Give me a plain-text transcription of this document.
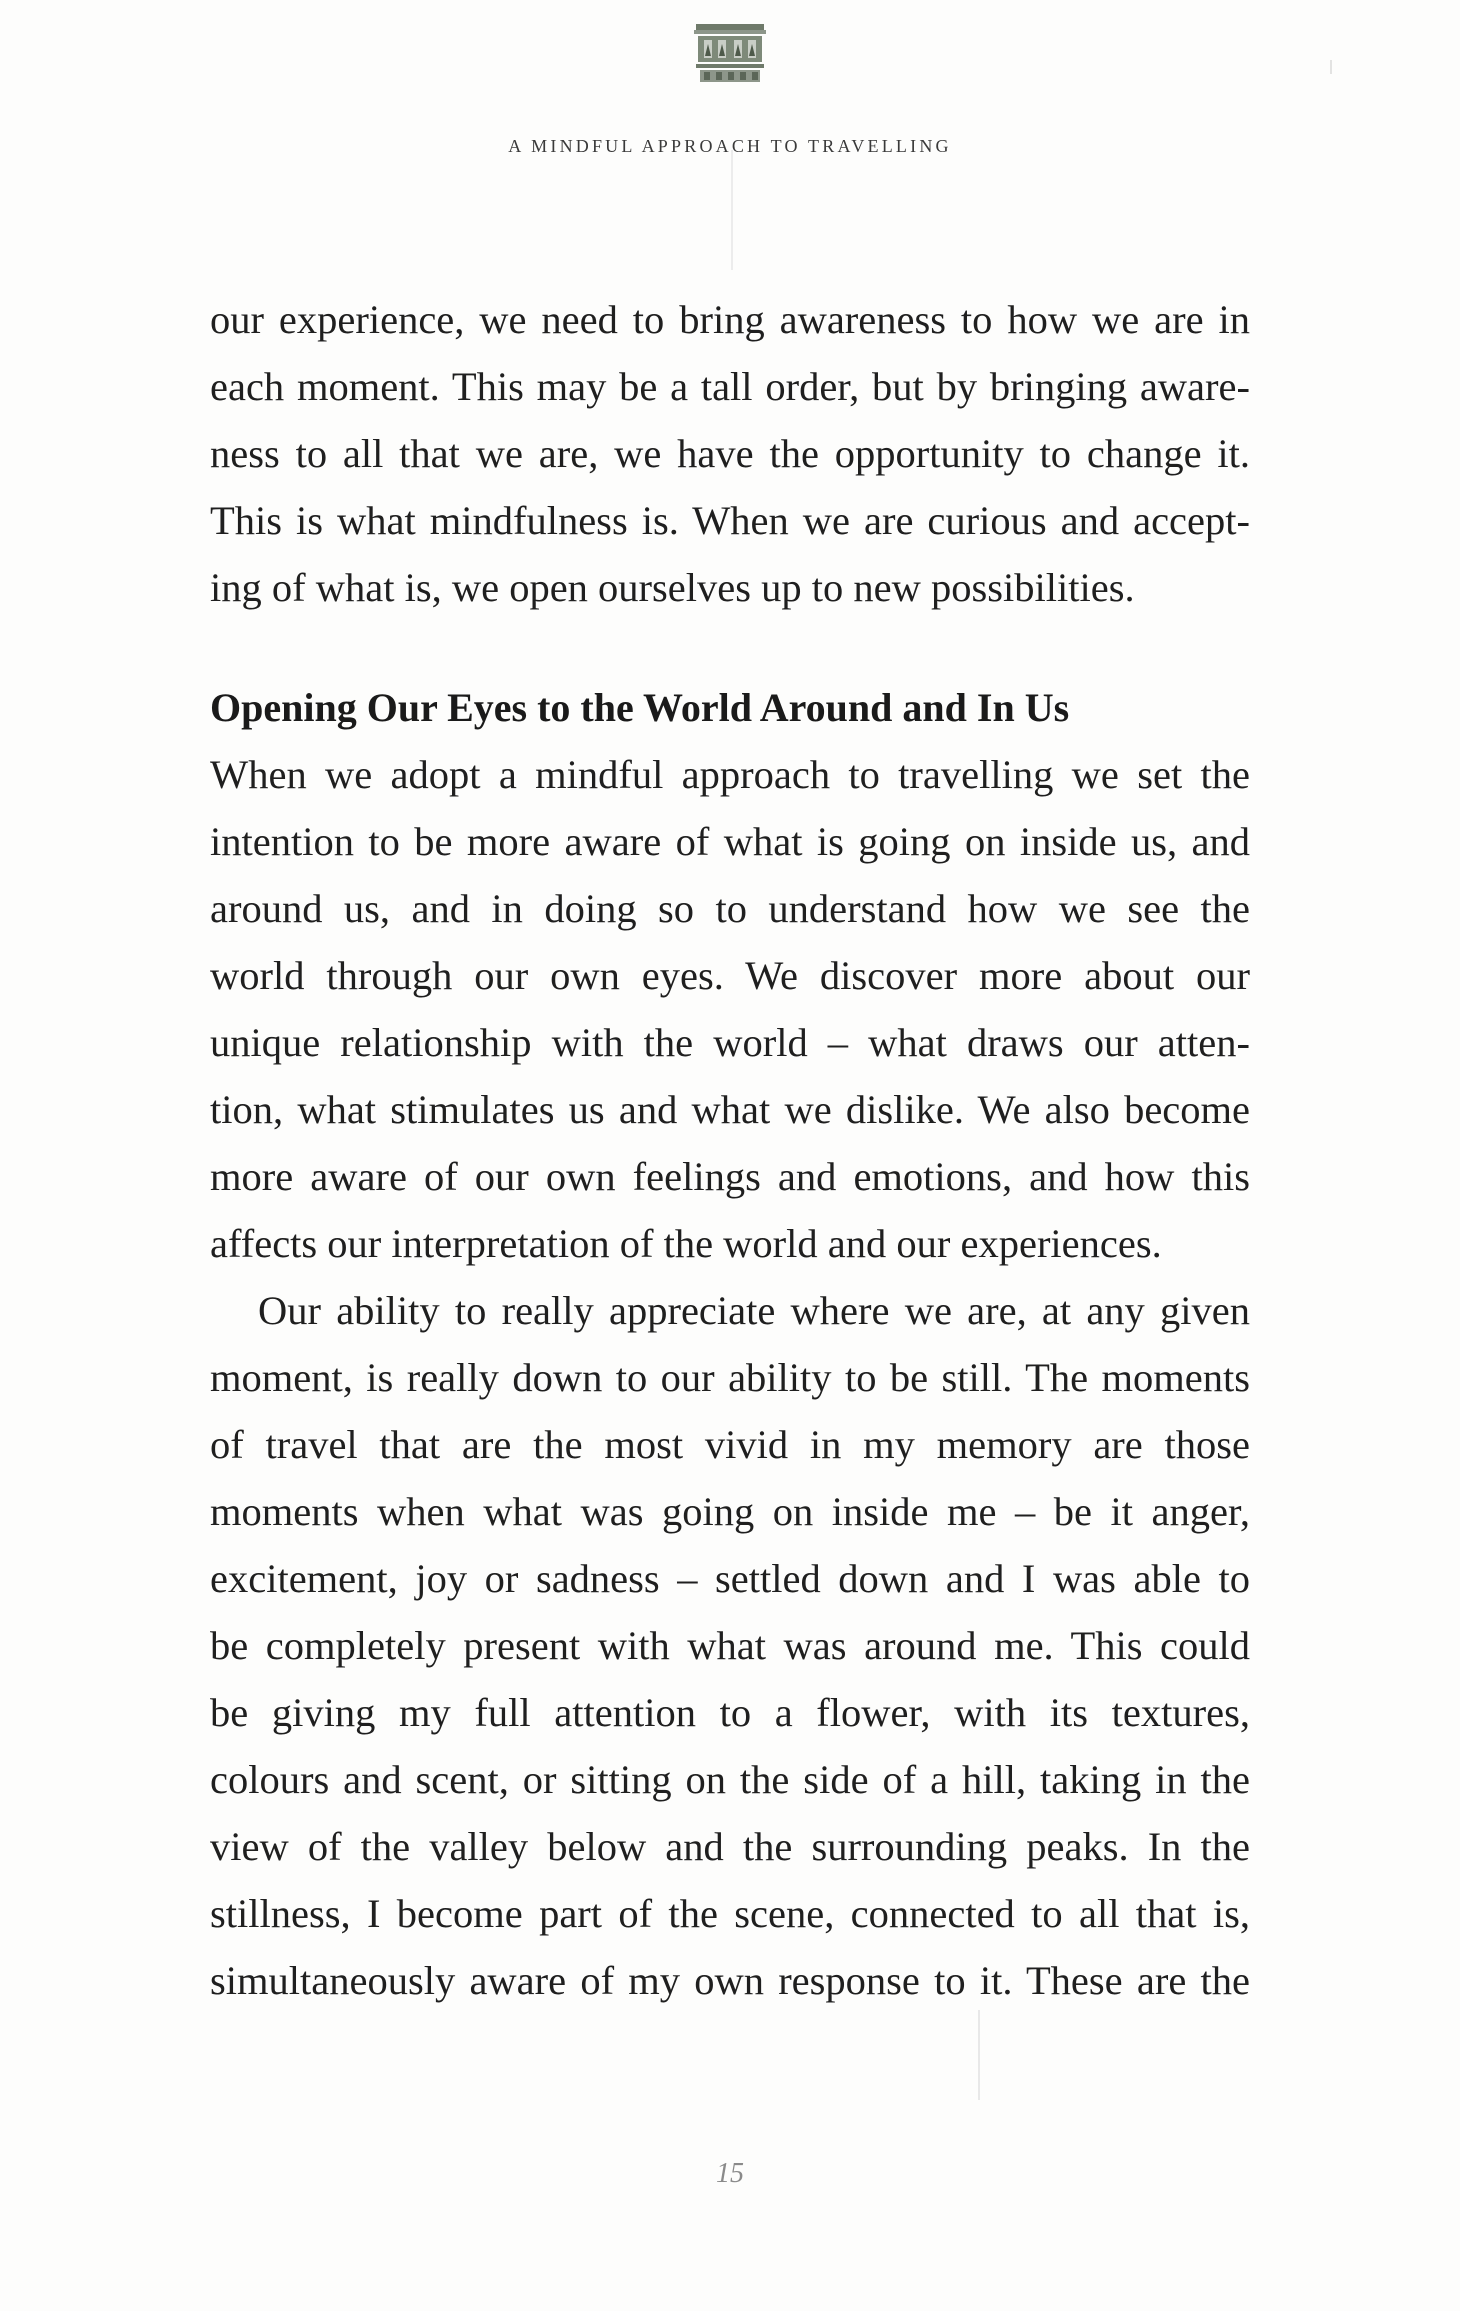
A MINDFUL APPROACH TO TRAVELLING

our experience, we need to bring awareness to how we are in
each moment. This may be a tall order, but by bringing aware-
ness to all that we are, we have the opportunity to change it.
This is what mindfulness is. When we are curious and accept-
ing of what is, we open ourselves up to new possibilities.

Opening Our Eyes to the World Around and In Us

When we adopt a mindful approach to travelling we set the
intention to be more aware of what is going on inside us, and
around us, and in doing so to understand how we see the
world through our own eyes. We discover more about our
unique relationship with the world – what draws our atten-
tion, what stimulates us and what we dislike. We also become
more aware of our own feelings and emotions, and how this
affects our interpretation of the world and our experiences.

Our ability to really appreciate where we are, at any given
moment, is really down to our ability to be still. The moments
of travel that are the most vivid in my memory are those
moments when what was going on inside me – be it anger,
excitement, joy or sadness – settled down and I was able to
be completely present with what was around me. This could
be giving my full attention to a flower, with its textures,
colours and scent, or sitting on the side of a hill, taking in the
view of the valley below and the surrounding peaks. In the
stillness, I become part of the scene, connected to all that is,
simultaneously aware of my own response to it. These are the

15
